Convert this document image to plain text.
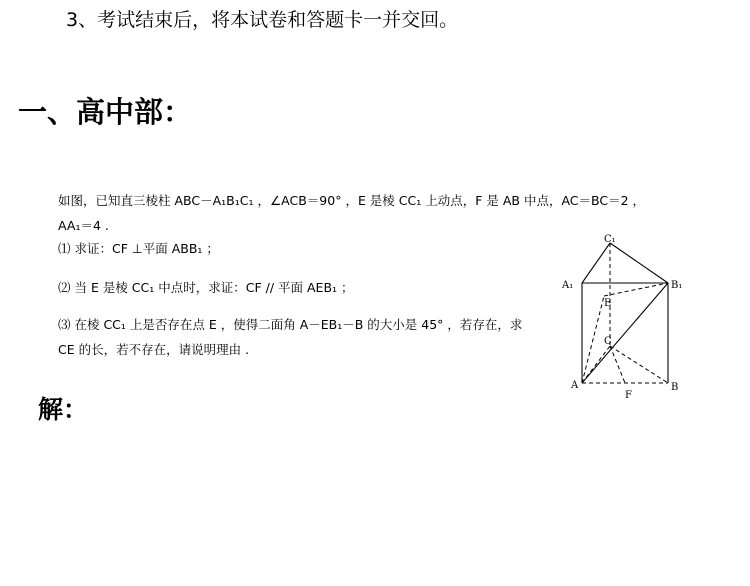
3、考试结束后，将本试卷和答题卡一并交回。
一、高中部：
如图，已知直三棱柱 ABC－A₁B₁C₁ ，∠ACB＝90° ，E 是棱 CC₁ 上动点，F 是 AB 中点，AC＝BC＝2 ，
AA₁＝4 .
⑴ 求证：CF ⊥平面 ABB₁ ；
⑵ 当 E 是棱 CC₁ 中点时，求证：CF // 平面 AEB₁ ；
⑶ 在棱 CC₁ 上是否存在点 E ，使得二面角 A－EB₁－B 的大小是 45° ，若存在，求
CE 的长，若不存在，请说明理由 .
C₁
A₁	B₁
E
C
A	B
F
解：
